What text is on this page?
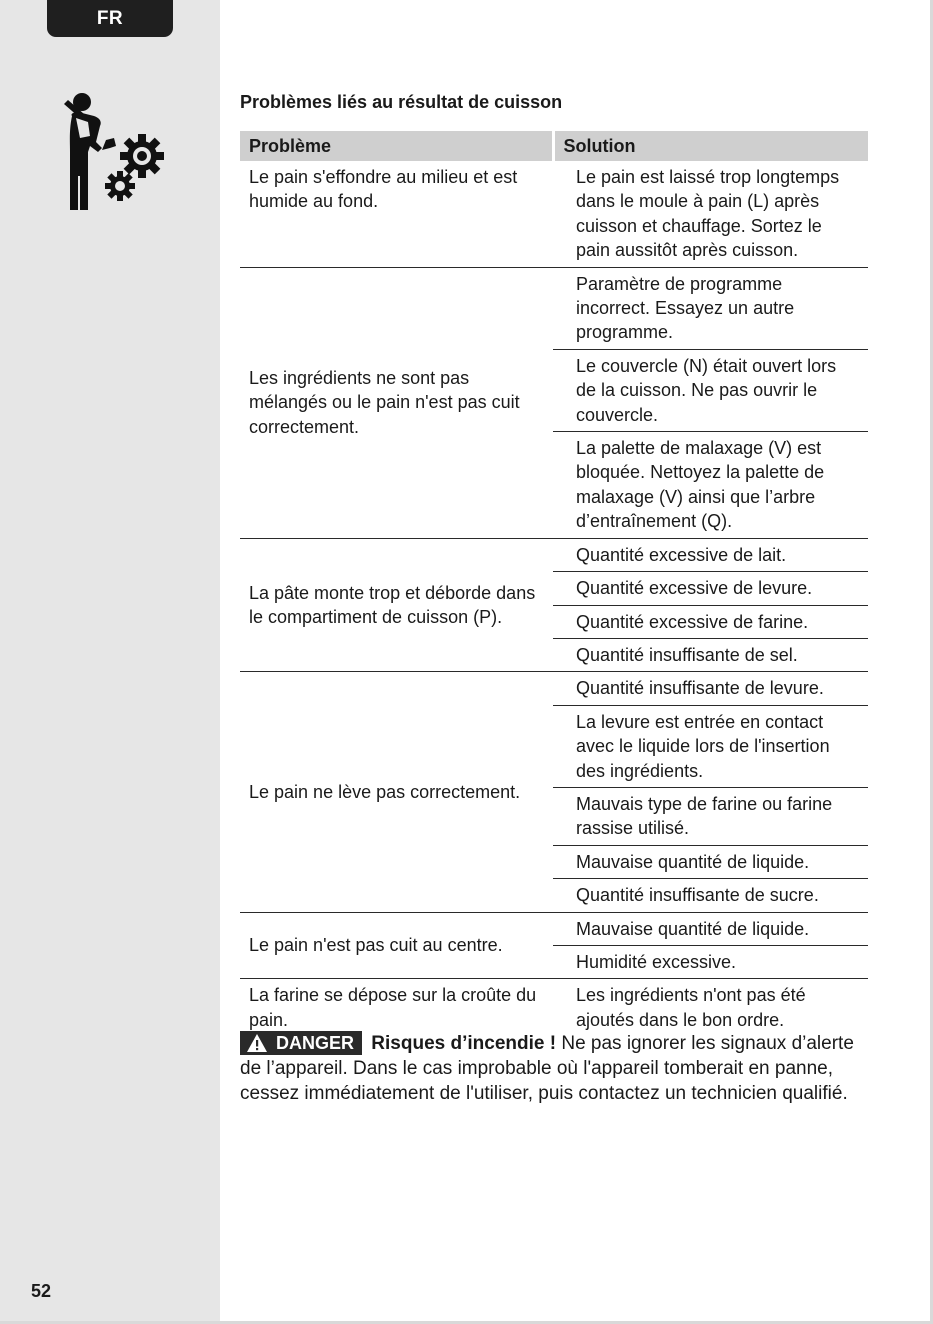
FR
52
Problèmes liés au résultat de cuisson
Problème	Solution
Le pain s'effondre au milieu et est humide au fond.	Le pain est laissé trop longtemps dans le moule à pain (L) après cuisson et chauffage. Sortez le pain aussitôt après cuisson.
Les ingrédients ne sont pas mélangés ou le pain n'est pas cuit correctement.	Paramètre de programme incorrect. Essayez un autre programme.
	Le couvercle (N) était ouvert lors de la cuisson. Ne pas ouvrir le couvercle.
	La palette de malaxage (V) est bloquée. Nettoyez la palette de malaxage (V) ainsi que l’arbre d’entraînement (Q).
La pâte monte trop et déborde dans le compartiment de cuisson (P).	Quantité excessive de lait.
	Quantité excessive de levure.
	Quantité excessive de farine.
	Quantité insuffisante de sel.
Le pain ne lève pas correctement.	Quantité insuffisante de levure.
	La levure est entrée en contact avec le liquide lors de l'insertion des ingrédients.
	Mauvais type de farine ou farine rassise utilisé.
	Mauvaise quantité de liquide.
	Quantité insuffisante de sucre.
Le pain n'est pas cuit au centre.	Mauvaise quantité de liquide.
	Humidité excessive.
La farine se dépose sur la croûte du pain.	Les ingrédients n'ont pas été ajoutés dans le bon ordre.
DANGER Risques d’incendie ! Ne pas ignorer les signaux d’alerte de l’appareil. Dans le cas improbable où l'appareil tomberait en panne, cessez immédiatement de l'utiliser, puis contactez un technicien qualifié.
